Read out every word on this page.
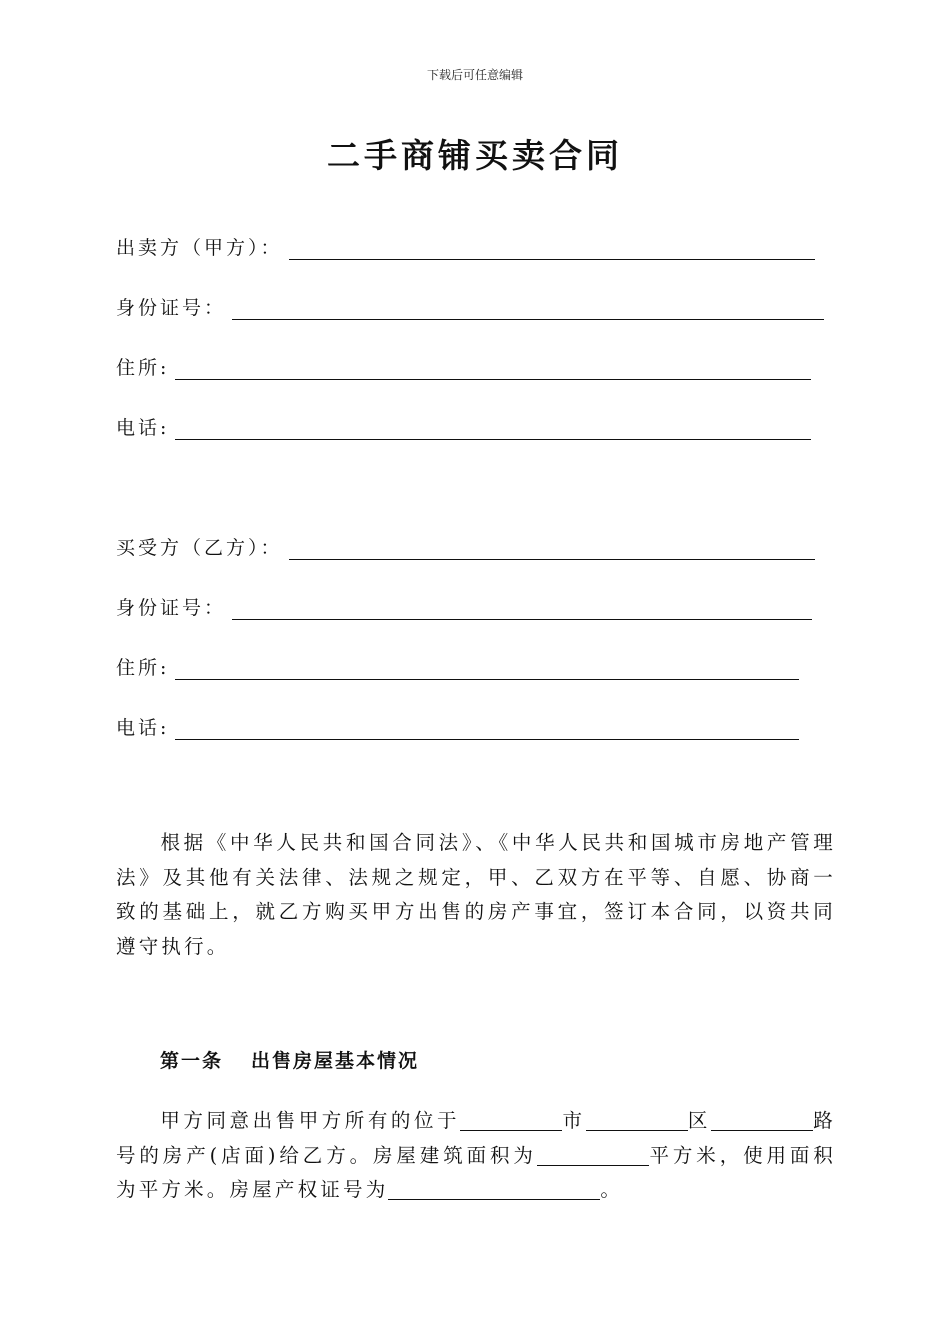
下载后可任意编辑
二手商铺买卖合同
出卖方（甲方）：
身份证号：
住所:
电话:
买受方（乙方）：
身份证号：
住所:
电话:
根据《中华人民共和国合同法》、《中华人民共和国城市房地产管理法》及其他有关法律、法规之规定，甲、乙双方在平等、自愿、协商一致的基础上，就乙方购买甲方出售的房产事宜，签订本合同，以资共同遵守执行。
第一条 出售房屋基本情况
甲方同意出售甲方所有的位于	市	区	路号的房产(店面)给乙方。房屋建筑面积为	平方米，使用面积为平方米。房屋产权证号为	。
